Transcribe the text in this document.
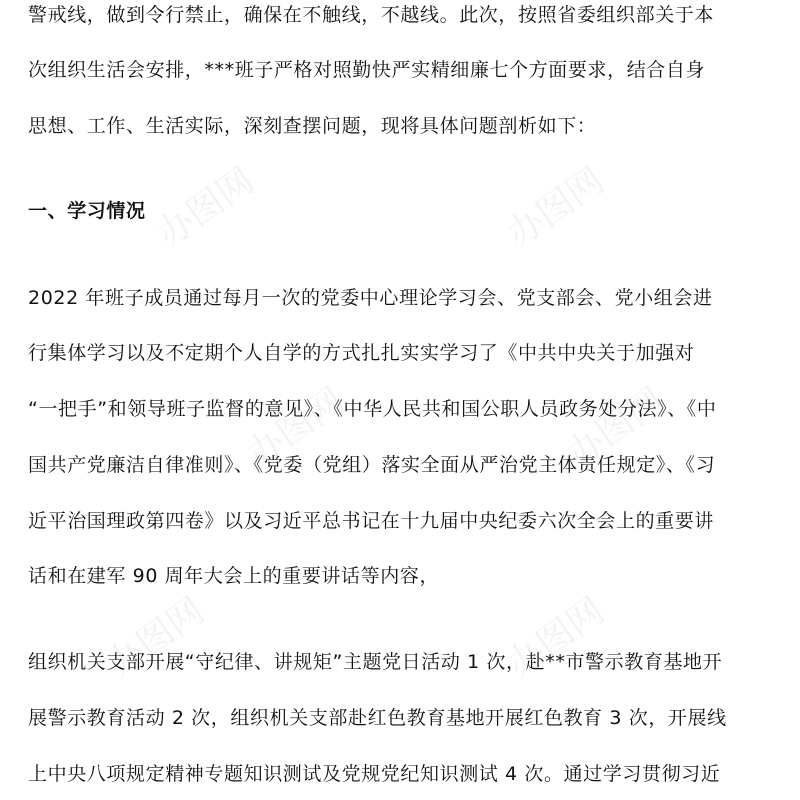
办图网	办图网
办图网	办图网
办图网	办图网
警戒线，做到令行禁止，确保在不触线，不越线。此次，按照省委组织部关于本
次组织生活会安排，***班子严格对照勤快严实精细廉七个方面要求，结合自身
思想、工作、生活实际，深刻查摆问题，现将具体问题剖析如下：
一、学习情况
2022 年班子成员通过每月一次的党委中心理论学习会、党支部会、党小组会进
行集体学习以及不定期个人自学的方式扎扎实实学习了《中共中央关于加强对
“一把手”和领导班子监督的意见》、《中华人民共和国公职人员政务处分法》、《中
国共产党廉洁自律准则》、《党委（党组）落实全面从严治党主体责任规定》、《习
近平治国理政第四卷》以及习近平总书记在十九届中央纪委六次全会上的重要讲
话和在建军 90 周年大会上的重要讲话等内容，
组织机关支部开展“守纪律、讲规矩”主题党日活动 1 次，赴**市警示教育基地开
展警示教育活动 2 次，组织机关支部赴红色教育基地开展红色教育 3 次，开展线
上中央八项规定精神专题知识测试及党规党纪知识测试 4 次。通过学习贯彻习近
